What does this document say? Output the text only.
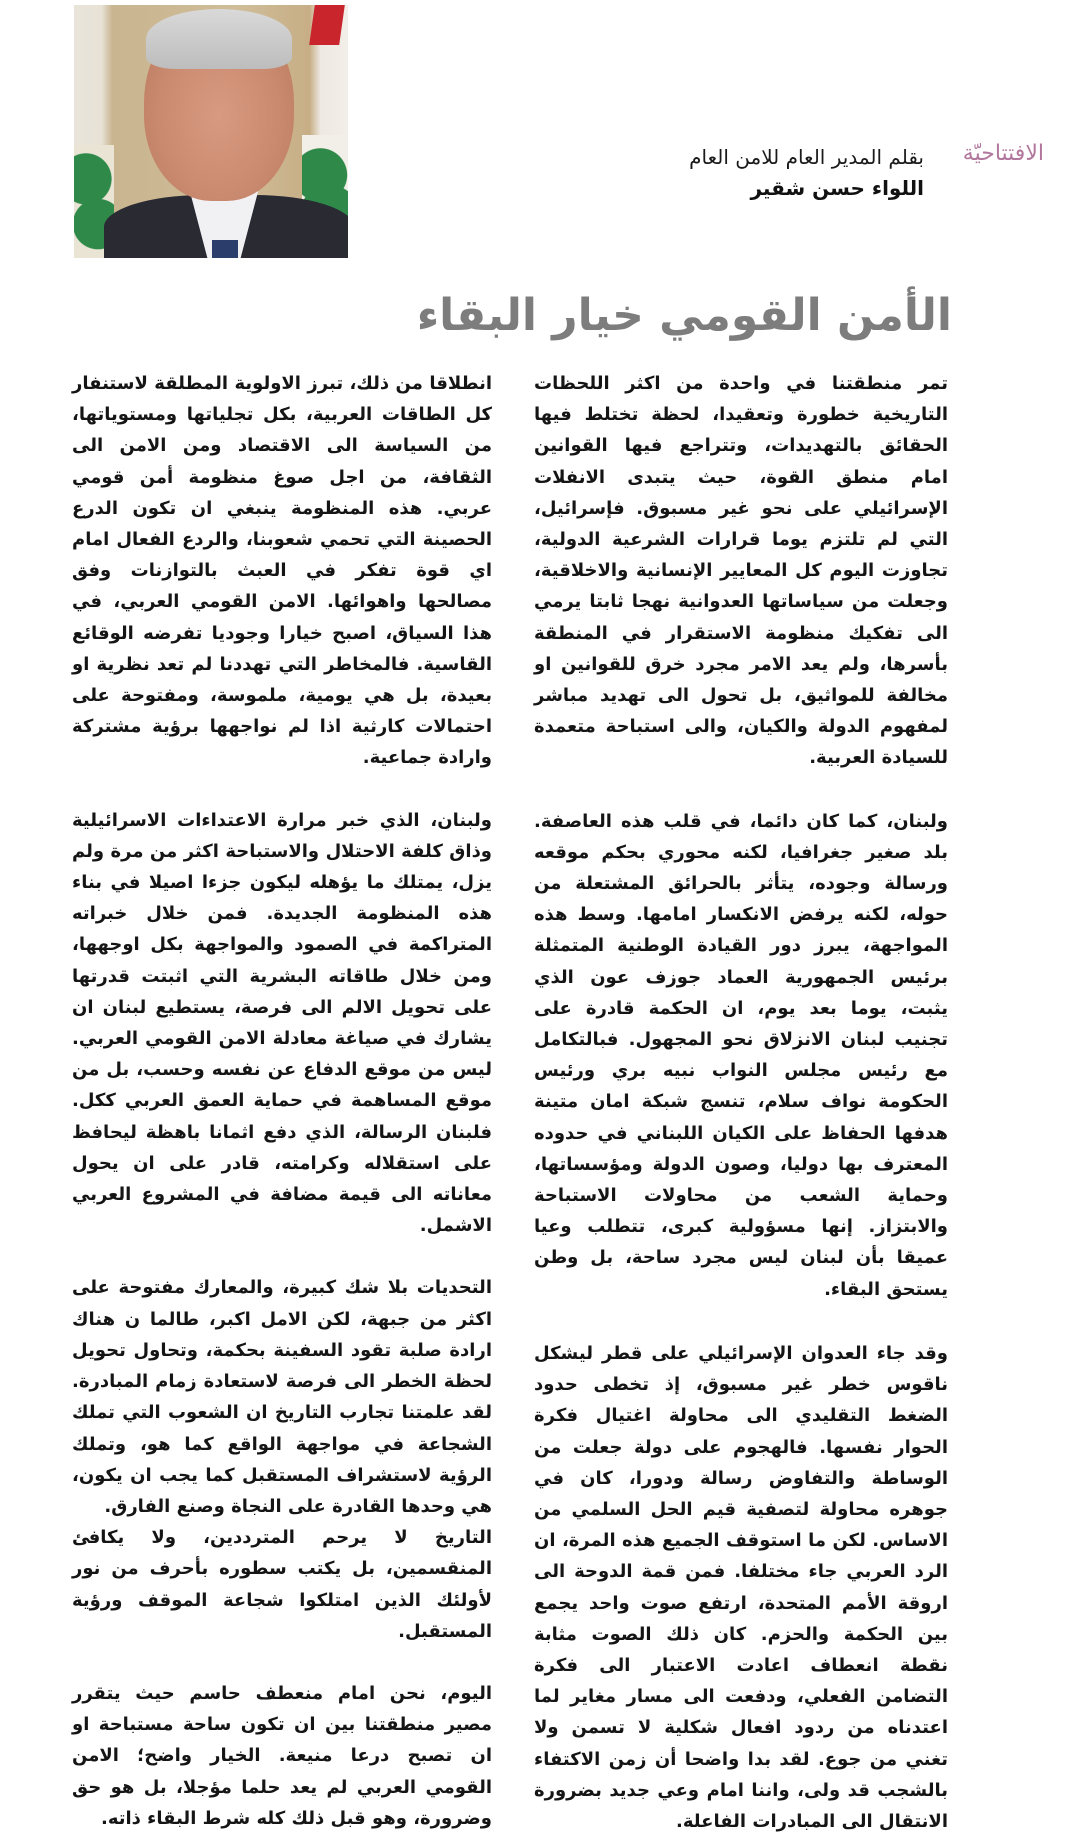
الافتتاحيّة
بقلم المدير العام للامن العام
اللواء حسن شقير
الأمن القومي خيار البقاء

تمر منطقتنا في واحدة من اكثر اللحظات التاريخية خطورة وتعقيدا، لحظة تختلط فيها الحقائق بالتهديدات، وتتراجع فيها القوانين امام منطق القوة، حيث يتبدى الانفلات الإسرائيلي على نحو غير مسبوق. فإسرائيل، التي لم تلتزم يوما قرارات الشرعية الدولية، تجاوزت اليوم كل المعايير الإنسانية والاخلاقية، وجعلت من سياساتها العدوانية نهجا ثابتا يرمي الى تفكيك منظومة الاستقرار في المنطقة بأسرها، ولم يعد الامر مجرد خرق للقوانين او مخالفة للمواثيق، بل تحول الى تهديد مباشر لمفهوم الدولة والكيان، والى استباحة متعمدة للسيادة العربية.

ولبنان، كما كان دائما، في قلب هذه العاصفة. بلد صغير جغرافيا، لكنه محوري بحكم موقعه ورسالة وجوده، يتأثر بالحرائق المشتعلة من حوله، لكنه يرفض الانكسار امامها. وسط هذه المواجهة، يبرز دور القيادة الوطنية المتمثلة برئيس الجمهورية العماد جوزف عون الذي يثبت، يوما بعد يوم، ان الحكمة قادرة على تجنيب لبنان الانزلاق نحو المجهول. فبالتكامل مع رئيس مجلس النواب نبيه بري ورئيس الحكومة نواف سلام، تنسج شبكة امان متينة هدفها الحفاظ على الكيان اللبناني في حدوده المعترف بها دوليا، وصون الدولة ومؤسساتها، وحماية الشعب من محاولات الاستباحة والابتزاز. إنها مسؤولية كبرى، تتطلب وعيا عميقا بأن لبنان ليس مجرد ساحة، بل وطن يستحق البقاء.

وقد جاء العدوان الإسرائيلي على قطر ليشكل ناقوس خطر غير مسبوق، إذ تخطى حدود الضغط التقليدي الى محاولة اغتيال فكرة الحوار نفسها. فالهجوم على دولة جعلت من الوساطة والتفاوض رسالة ودورا، كان في جوهره محاولة لتصفية قيم الحل السلمي من الاساس. لكن ما استوقف الجميع هذه المرة، ان الرد العربي جاء مختلفا. فمن قمة الدوحة الى اروقة الأمم المتحدة، ارتفع صوت واحد يجمع بين الحكمة والحزم. كان ذلك الصوت مثابة نقطة انعطاف اعادت الاعتبار الى فكرة التضامن الفعلي، ودفعت الى مسار مغاير لما اعتدناه من ردود افعال شكلية لا تسمن ولا تغني من جوع. لقد بدا واضحا أن زمن الاكتفاء بالشجب قد ولى، واننا امام وعي جديد بضرورة الانتقال الى المبادرات الفاعلة.

انطلاقا من ذلك، تبرز الاولوية المطلقة لاستنفار كل الطاقات العربية، بكل تجلياتها ومستوياتها، من السياسة الى الاقتصاد ومن الامن الى الثقافة، من اجل صوغ منظومة أمن قومي عربي. هذه المنظومة ينبغي ان تكون الدرع الحصينة التي تحمي شعوبنا، والردع الفعال امام اي قوة تفكر في العبث بالتوازنات وفق مصالحها واهوائها. الامن القومي العربي، في هذا السياق، اصبح خيارا وجوديا تفرضه الوقائع القاسية. فالمخاطر التي تهددنا لم تعد نظرية او بعيدة، بل هي يومية، ملموسة، ومفتوحة على احتمالات كارثية اذا لم نواجهها برؤية مشتركة وارادة جماعية.

ولبنان، الذي خبر مرارة الاعتداءات الاسرائيلية وذاق كلفة الاحتلال والاستباحة اكثر من مرة ولم يزل، يمتلك ما يؤهله ليكون جزءا اصيلا في بناء هذه المنظومة الجديدة. فمن خلال خبراته المتراكمة في الصمود والمواجهة بكل اوجهها، ومن خلال طاقاته البشرية التي اثبتت قدرتها على تحويل الالم الى فرصة، يستطيع لبنان ان يشارك في صياغة معادلة الامن القومي العربي. ليس من موقع الدفاع عن نفسه وحسب، بل من موقع المساهمة في حماية العمق العربي ككل. فلبنان الرسالة، الذي دفع اثمانا باهظة ليحافظ على استقلاله وكرامته، قادر على ان يحول معاناته الى قيمة مضافة في المشروع العربي الاشمل.

التحديات بلا شك كبيرة، والمعارك مفتوحة على اكثر من جبهة، لكن الامل اكبر، طالما ن هناك ارادة صلبة تقود السفينة بحكمة، وتحاول تحويل لحظة الخطر الى فرصة لاستعادة زمام المبادرة. لقد علمتنا تجارب التاريخ ان الشعوب التي تملك الشجاعة في مواجهة الواقع كما هو، وتملك الرؤية لاستشراف المستقبل كما يجب ان يكون، هي وحدها القادرة على النجاة وصنع الفارق.

التاريخ لا يرحم المترددين، ولا يكافئ المنقسمين، بل يكتب سطوره بأحرف من نور لأولئك الذين امتلكوا شجاعة الموقف ورؤية المستقبل.

اليوم، نحن امام منعطف حاسم حيث يتقرر مصير منطقتنا بين ان تكون ساحة مستباحة او ان تصبح درعا منيعة. الخيار واضح؛ الامن القومي العربي لم يعد حلما مؤجلا، بل هو حق وضرورة، وهو قبل ذلك كله شرط البقاء ذاته.
